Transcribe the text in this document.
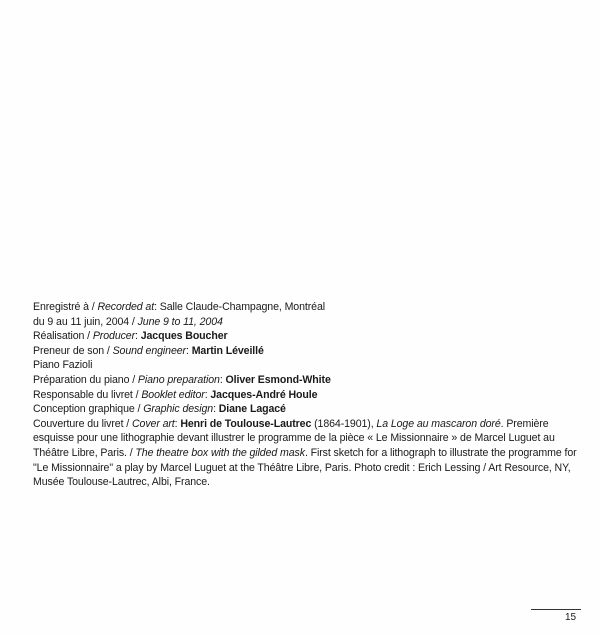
Enregistré à / Recorded at: Salle Claude-Champagne, Montréal
du 9 au 11 juin, 2004 / June 9 to 11, 2004
Réalisation / Producer: Jacques Boucher
Preneur de son / Sound engineer: Martin Léveillé
Piano Fazioli
Préparation du piano / Piano preparation: Oliver Esmond-White
Responsable du livret / Booklet editor: Jacques-André Houle
Conception graphique / Graphic design: Diane Lagacé
Couverture du livret / Cover art: Henri de Toulouse-Lautrec (1864-1901), La Loge au mascaron doré. Première esquisse pour une lithographie devant illustrer le programme de la pièce « Le Missionnaire » de Marcel Luguet au Théâtre Libre, Paris. / The theatre box with the gilded mask. First sketch for a lithograph to illustrate the programme for "Le Missionnaire" a play by Marcel Luguet at the Théâtre Libre, Paris. Photo credit : Erich Lessing / Art Resource, NY, Musée Toulouse-Lautrec, Albi, France.
15
